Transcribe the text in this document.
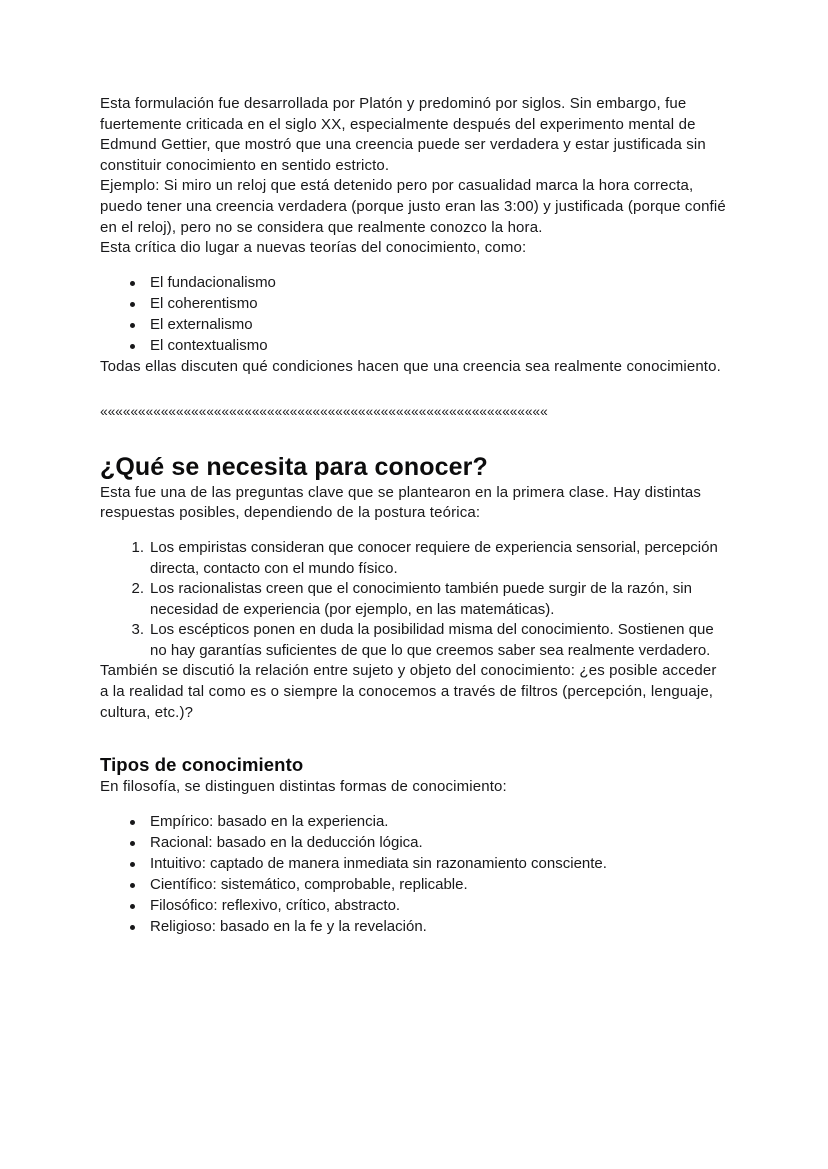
Esta formulación fue desarrollada por Platón y predominó por siglos. Sin embargo, fue fuertemente criticada en el siglo XX, especialmente después del experimento mental de Edmund Gettier, que mostró que una creencia puede ser verdadera y estar justificada sin constituir conocimiento en sentido estricto.

Ejemplo: Si miro un reloj que está detenido pero por casualidad marca la hora correcta, puedo tener una creencia verdadera (porque justo eran las 3:00) y justificada (porque confié en el reloj), pero no se considera que realmente conozco la hora.

Esta crítica dio lugar a nuevas teorías del conocimiento, como:

El fundacionalismo
El coherentismo
El externalismo
El contextualismo

Todas ellas discuten qué condiciones hacen que una creencia sea realmente conocimiento.

«««««««««««««««««««««««««««««««««««««««««««««««««««««««««««
¿Qué se necesita para conocer?

Esta fue una de las preguntas clave que se plantearon en la primera clase. Hay distintas respuestas posibles, dependiendo de la postura teórica:

Los empiristas consideran que conocer requiere de experiencia sensorial, percepción directa, contacto con el mundo físico.
Los racionalistas creen que el conocimiento también puede surgir de la razón, sin necesidad de experiencia (por ejemplo, en las matemáticas).
Los escépticos ponen en duda la posibilidad misma del conocimiento. Sostienen que no hay garantías suficientes de que lo que creemos saber sea realmente verdadero.

También se discutió la relación entre sujeto y objeto del conocimiento: ¿es posible acceder a la realidad tal como es o siempre la conocemos a través de filtros (percepción, lenguaje, cultura, etc.)?

Tipos de conocimiento

En filosofía, se distinguen distintas formas de conocimiento:

Empírico: basado en la experiencia.
Racional: basado en la deducción lógica.
Intuitivo: captado de manera inmediata sin razonamiento consciente.
Científico: sistemático, comprobable, replicable.
Filosófico: reflexivo, crítico, abstracto.
Religioso: basado en la fe y la revelación.
